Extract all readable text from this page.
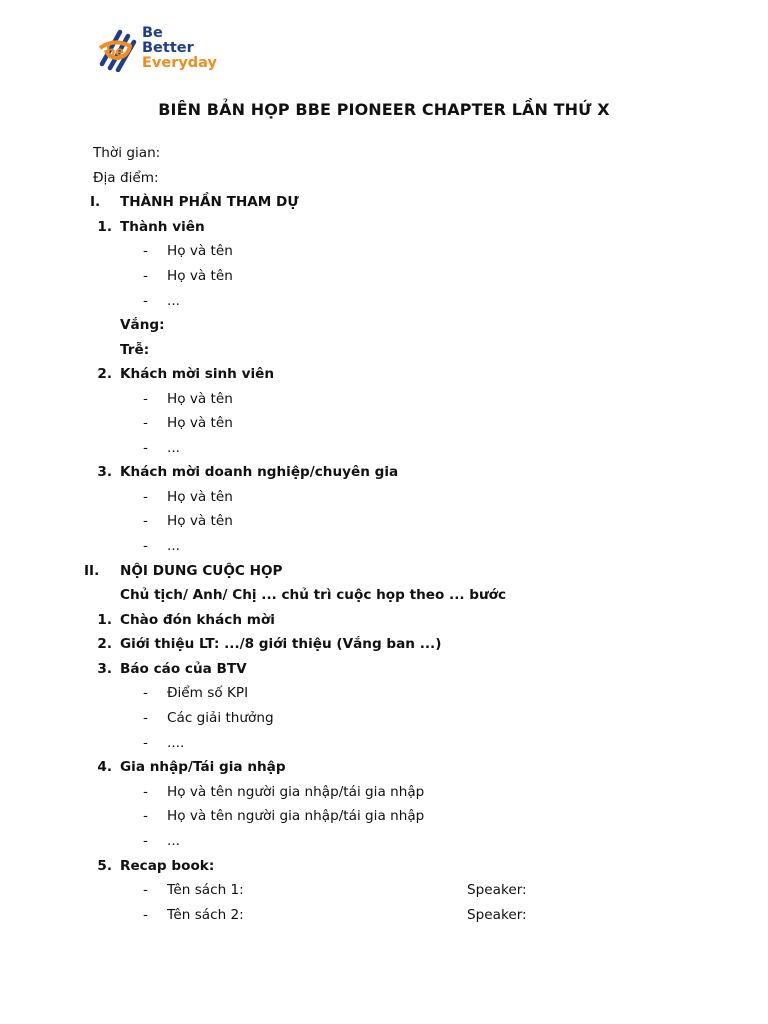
be
Be
Better
Everyday
BIÊN BẢN HỌP BBE PIONEER CHAPTER LẦN THỨ X
Thời gian:
Địa điểm:
I. THÀNH PHẦN THAM DỰ
1. Thành viên
- Họ và tên
- Họ và tên
- ...
Vắng:
Trễ:
2. Khách mời sinh viên
- Họ và tên
- Họ và tên
- ...
3. Khách mời doanh nghiệp/chuyên gia
- Họ và tên
- Họ và tên
- ...
II. NỘI DUNG CUỘC HỌP
Chủ tịch/ Anh/ Chị ... chủ trì cuộc họp theo ... bước
1. Chào đón khách mời
2. Giới thiệu LT: .../8 giới thiệu (Vắng ban ...)
3. Báo cáo của BTV
- Điểm số KPI
- Các giải thưởng
- ....
4. Gia nhập/Tái gia nhập
- Họ và tên người gia nhập/tái gia nhập
- Họ và tên người gia nhập/tái gia nhập
- ...
5. Recap book:
- Tên sách 1:	Speaker:
- Tên sách 2:	Speaker:
